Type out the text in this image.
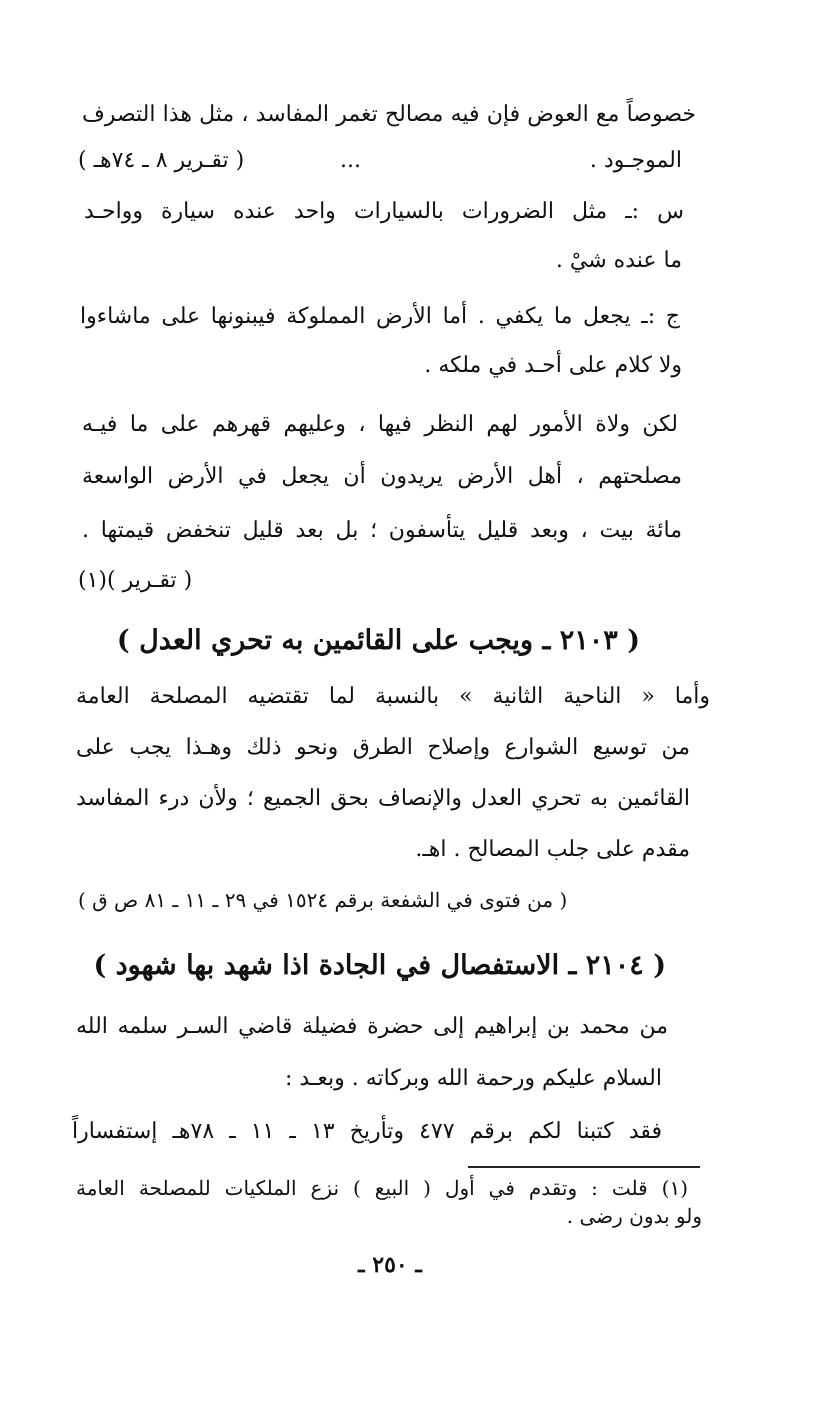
خصوصاً مع العوض فإن فيه مصالح تغمر المفاسد ، مثل هذا التصرف
الموجـود .
...
( تقـرير ٨ ـ ٧٤هـ )
س :ـ مثل الضرورات بالسيارات واحد عنده سيارة وواحـد
ما عنده شيْ .
ج :ـ يجعل ما يكفي . أما الأرض المملوكة فيبنونها على ماشاءوا
ولا كلام على أحـد في ملكه .
لكن ولاة الأمور لهم النظر فيها ، وعليهم قهرهم على ما فيـه
مصلحتهم ، أهل الأرض يريدون أن يجعل في الأرض الواسعة
مائة بيت ، وبعد قليل يتأسفون ؛ بل بعد قليل تنخفض قيمتها .
( تقـرير )(١)
( ٢١٠٣ ـ ويجب على القائمين به تحري العدل )
وأما « الناحية الثانية » بالنسبة لما تقتضيه المصلحة العامة
من توسيع الشوارع وإصلاح الطرق ونحو ذلك وهـذا يجب على
القائمين به تحري العدل والإنصاف بحق الجميع ؛ ولأن درء المفاسد
مقدم على جلب المصالح . اهـ.
( من فتوى في الشفعة برقم ١٥٢٤ في ٢٩ ـ ١١ ـ ٨١ ص ق )
( ٢١٠٤ ـ الاستفصال في الجادة اذا شهد بها شهود )
من محمد بن إبراهيم إلى حضرة فضيلة قاضي السـر سلمه الله
السلام عليكم ورحمة الله وبركاته . وبعـد :
فقد كتبنا لكم برقم ٤٧٧ وتأريخ ١٣ ـ ١١ ـ ٧٨هـ إستفساراً
(١) قلت : وتقدم في أول ( البيع ) نزع الملكيات للمصلحة العامة
ولو بدون رضى .
ـ ٢٥٠ ـ
